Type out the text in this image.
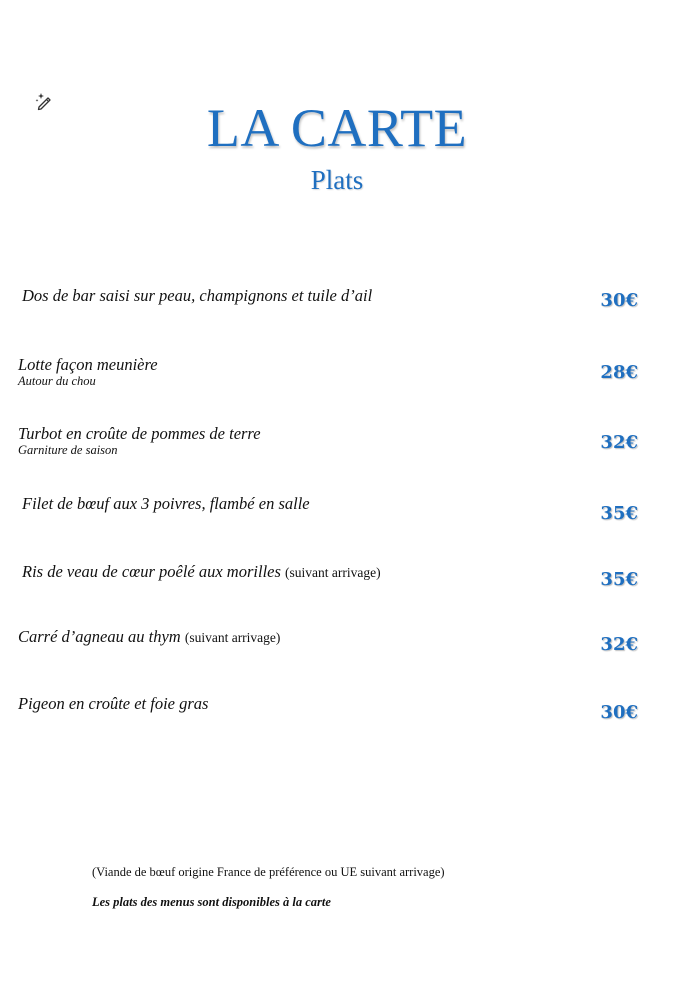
LA CARTE
Plats
Dos de bar saisi sur peau, champignons et tuile d’ail	30€
Lotte façon meunière
Autour du chou	28€
Turbot en croûte de pommes de terre
Garniture de saison	32€
Filet de bœuf aux 3 poivres, flambé en salle	35€
Ris de veau de cœur poêlé aux morilles (suivant arrivage)	35€
Carré d’agneau au thym (suivant arrivage)	32€
Pigeon en croûte et foie gras	30€
(Viande de bœuf origine France de préférence ou UE suivant arrivage)
Les plats des menus sont disponibles à la carte
